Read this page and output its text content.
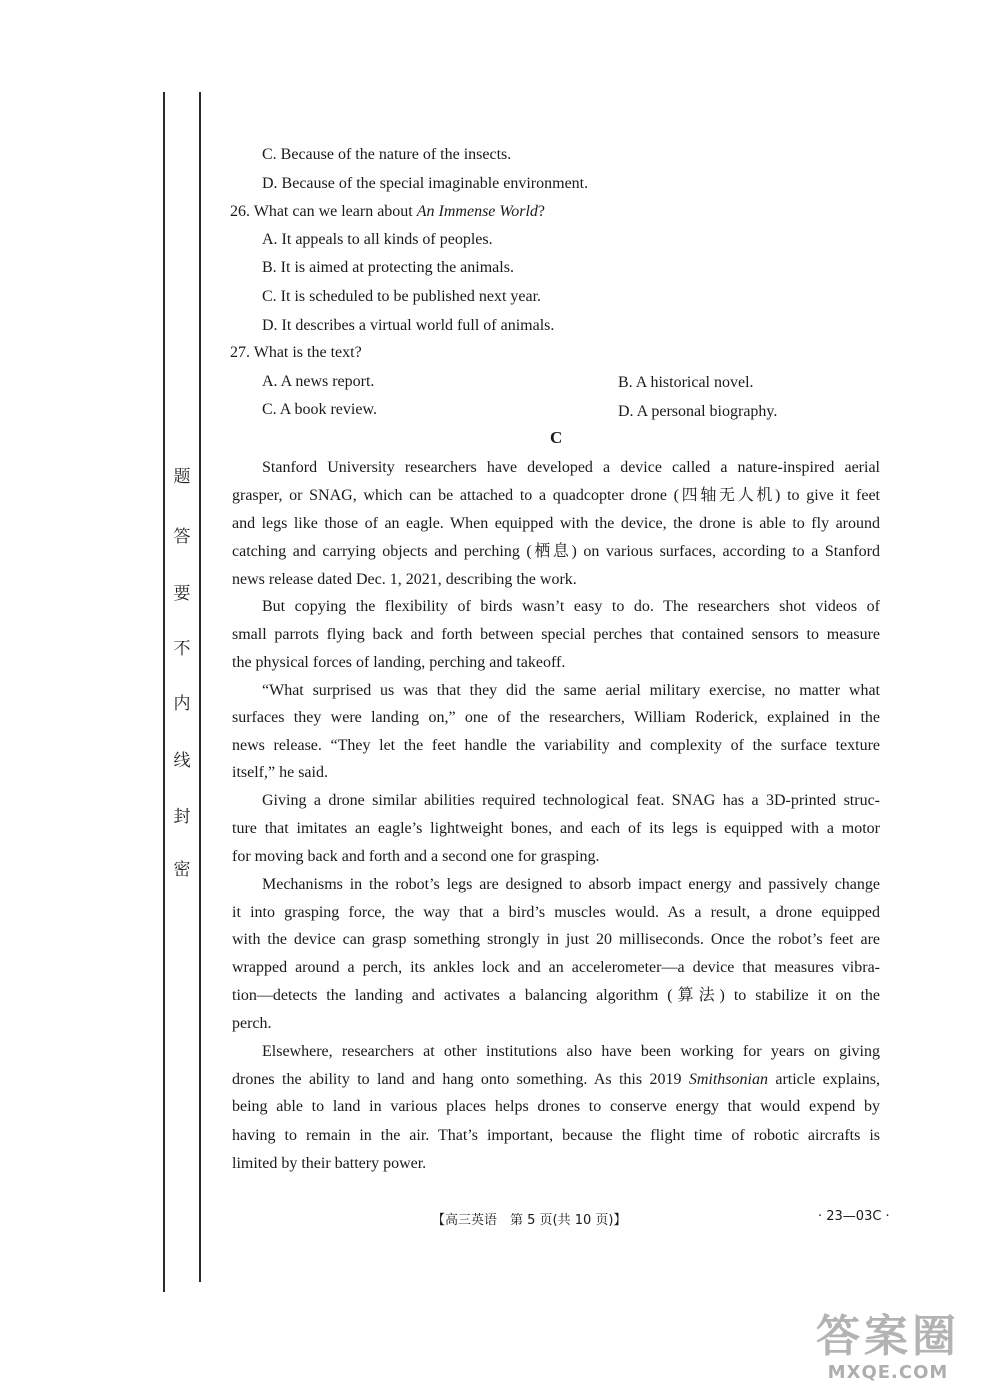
题
答
要
不
内
线
封
密
C. Because of the nature of the insects.
D. Because of the special imaginable environment.
26. What can we learn about An Immense World?
A. It appeals to all kinds of peoples.
B. It is aimed at protecting the animals.
C. It is scheduled to be published next year.
D. It describes a virtual world full of animals.
27. What is the text?
A. A news report.	B. A historical novel.
C. A book review.	D. A personal biography.
C
Stanford University researchers have developed a device called a nature-inspired aerial
grasper, or SNAG, which can be attached to a quadcopter drone (四轴无人机) to give it feet
and legs like those of an eagle. When equipped with the device, the drone is able to fly around
catching and carrying objects and perching (栖息) on various surfaces, according to a Stanford
news release dated Dec. 1, 2021, describing the work.
But copying the flexibility of birds wasn’t easy to do. The researchers shot videos of
small parrots flying back and forth between special perches that contained sensors to measure
the physical forces of landing, perching and takeoff.
“What surprised us was that they did the same aerial military exercise, no matter what
surfaces they were landing on,” one of the researchers, William Roderick, explained in the
news release. “They let the feet handle the variability and complexity of the surface texture
itself,” he said.
Giving a drone similar abilities required technological feat. SNAG has a 3D-printed struc-
ture that imitates an eagle’s lightweight bones, and each of its legs is equipped with a motor
for moving back and forth and a second one for grasping.
Mechanisms in the robot’s legs are designed to absorb impact energy and passively change
it into grasping force, the way that a bird’s muscles would. As a result, a drone equipped
with the device can grasp something strongly in just 20 milliseconds. Once the robot’s feet are
wrapped around a perch, its ankles lock and an accelerometer—a device that measures vibra-
tion—detects the landing and activates a balancing algorithm (算法) to stabilize it on the
perch.
Elsewhere, researchers at other institutions also have been working for years on giving
drones the ability to land and hang onto something. As this 2019 Smithsonian article explains,
being able to land in various places helps drones to conserve energy that would expend by
having to remain in the air. That’s important, because the flight time of robotic aircrafts is
limited by their battery power.
【高三英语　第 5 页(共 10 页)】	· 23—03C ·
答案圈
MXQE.COM
